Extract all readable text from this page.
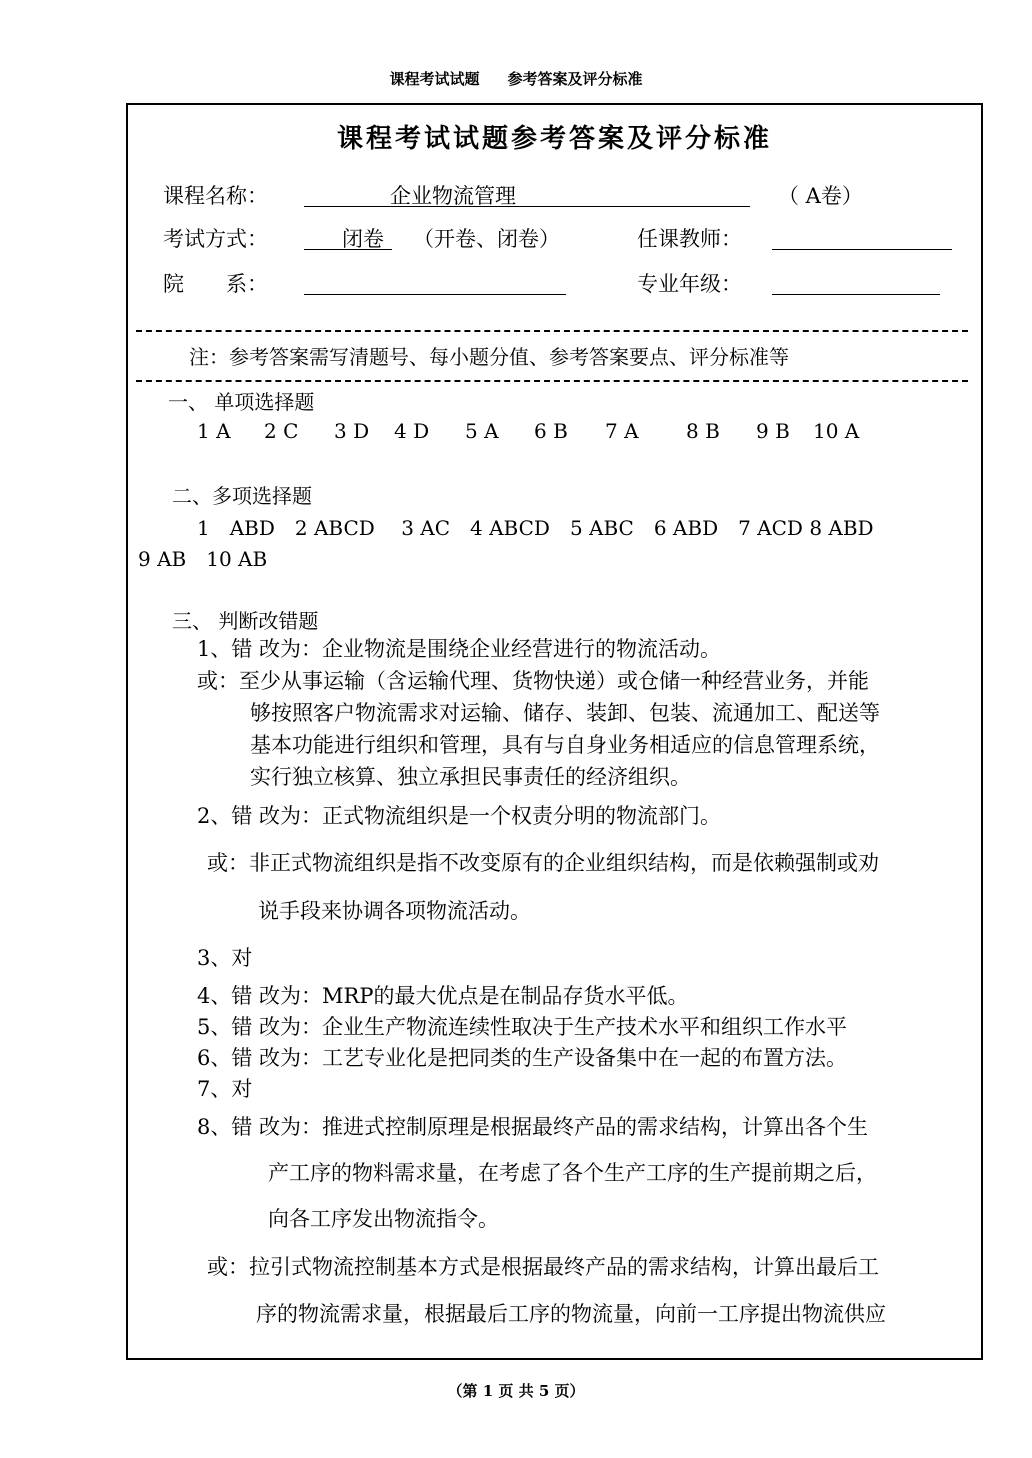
课程考试试题 参考答案及评分标准
课程考试试题参考答案及评分标准
课程名称：	企业物流管理	（ A卷）
考试方式：	闭卷 （开卷、闭卷）	任课教师：
院　　系：	专业年级：
注：参考答案需写清题号、每小题分值、参考答案要点、评分标准等
一、 单项选择题
1 A 2 C 3 D 4 D 5 A 6 B 7 A 8 B 9 B 10 A
二、多项选择题
1　ABD　2 ABCD　 3 AC　4 ABCD　5 ABC　6 ABD　7 ACD 8 ABD
9 AB　10 AB
三、 判断改错题
1、错 改为：企业物流是围绕企业经营进行的物流活动。
或：至少从事运输（含运输代理、货物快递）或仓储一种经营业务，并能
够按照客户物流需求对运输、储存、装卸、包装、流通加工、配送等
基本功能进行组织和管理，具有与自身业务相适应的信息管理系统，
实行独立核算、独立承担民事责任的经济组织。
2、错 改为：正式物流组织是一个权责分明的物流部门。
或：非正式物流组织是指不改变原有的企业组织结构，而是依赖强制或劝
说手段来协调各项物流活动。
3、对
4、错 改为：MRP的最大优点是在制品存货水平低。
5、错 改为：企业生产物流连续性取决于生产技术水平和组织工作水平
6、错 改为：工艺专业化是把同类的生产设备集中在一起的布置方法。
7、对
8、错 改为：推进式控制原理是根据最终产品的需求结构，计算出各个生
产工序的物料需求量，在考虑了各个生产工序的生产提前期之后，
向各工序发出物流指令。
或：拉引式物流控制基本方式是根据最终产品的需求结构，计算出最后工
序的物流需求量，根据最后工序的物流量，向前一工序提出物流供应
（第 1 页 共 5 页）
